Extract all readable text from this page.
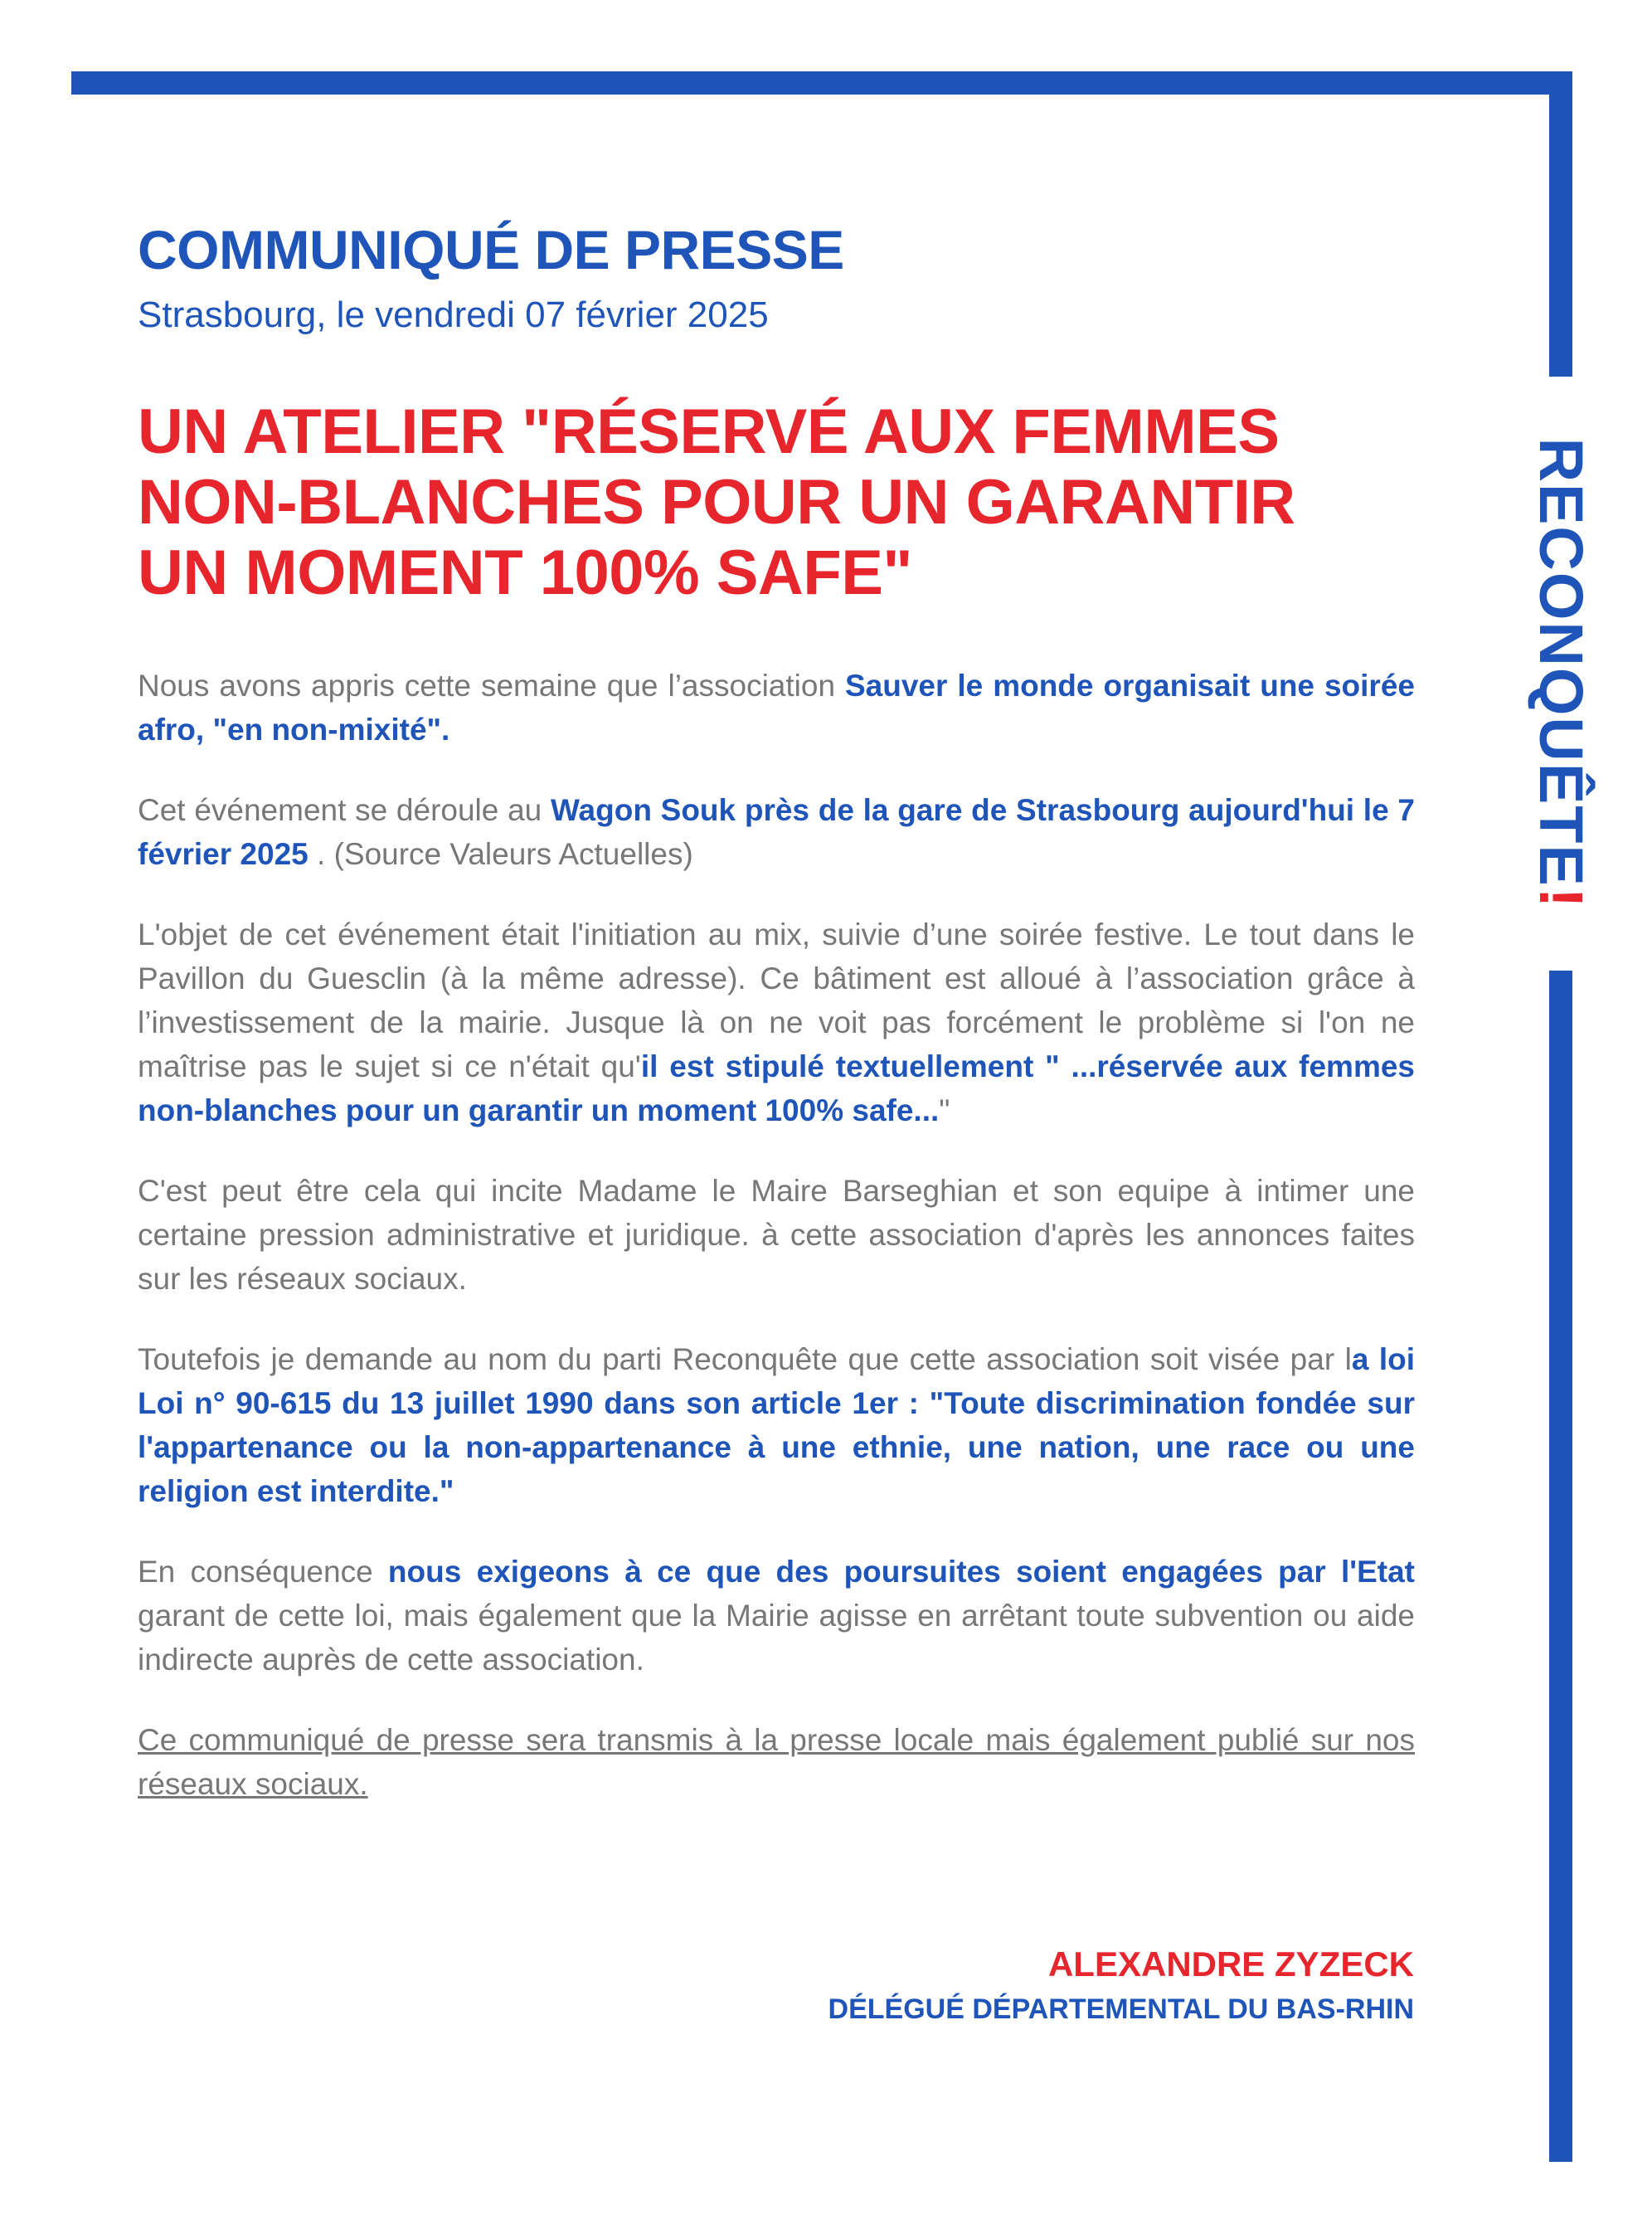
RECONQUÊTE!
COMMUNIQUÉ DE PRESSE
Strasbourg, le vendredi 07 février 2025
UN ATELIER "RÉSERVÉ AUX FEMMES
NON-BLANCHES POUR UN GARANTIR
UN MOMENT 100% SAFE"

Nous avons appris cette semaine que l’association Sauver le monde organisait une soirée afro, "en non-mixité".

Cet événement se déroule au Wagon Souk près de la gare de Strasbourg aujourd'hui le 7 février 2025 . (Source Valeurs Actuelles)

L'objet de cet événement était l'initiation au mix, suivie d’une soirée festive. Le tout dans le Pavillon du Guesclin (à la même adresse). Ce bâtiment est alloué à l’association grâce à l’investissement de la mairie. Jusque là on ne voit pas forcément le problème si l'on ne maîtrise pas le sujet si ce n'était qu'il est stipulé textuellement " ...réservée aux femmes non-blanches pour un garantir un moment 100% safe..."

C'est peut être cela qui incite Madame le Maire Barseghian et son equipe à intimer une certaine pression administrative et juridique. à cette association d'après les annonces faites sur les réseaux sociaux.

Toutefois je demande au nom du parti Reconquête que cette association soit visée par la loi Loi n° 90-615 du 13 juillet 1990 dans son article 1er : "Toute discrimination fondée sur l'appartenance ou la non-appartenance à une ethnie, une nation, une race ou une religion est interdite."

En conséquence nous exigeons à ce que des poursuites soient engagées par l'Etat garant de cette loi, mais également que la Mairie agisse en arrêtant toute subvention ou aide indirecte auprès de cette association.

Ce communiqué de presse sera transmis à la presse locale mais également publié sur nos réseaux sociaux.

ALEXANDRE ZYZECK
DÉLÉGUÉ DÉPARTEMENTAL DU BAS-RHIN
